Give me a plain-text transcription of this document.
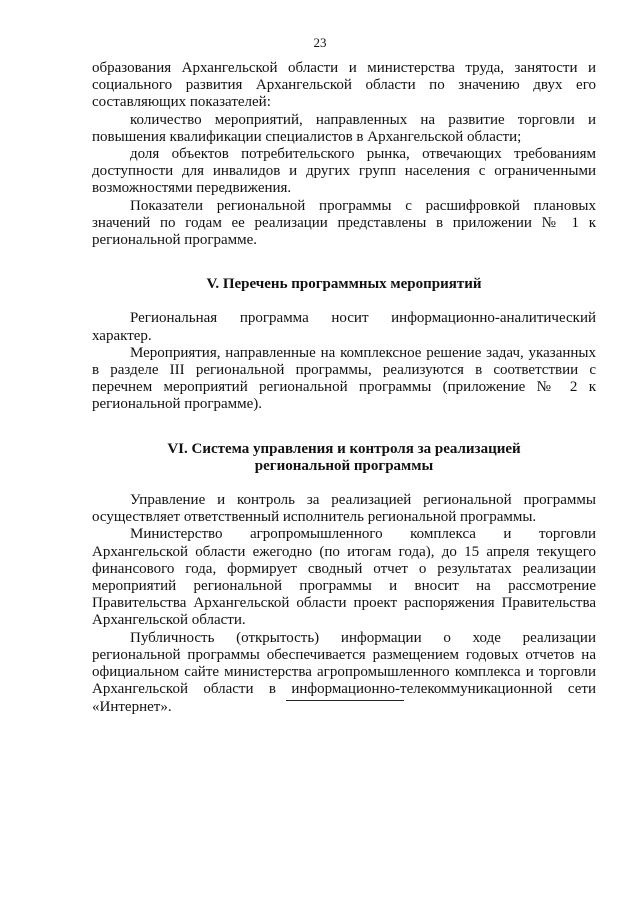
23

образования Архангельской области и министерства труда, занятости и социального развития Архангельской области по значению двух его составляющих показателей:

количество мероприятий, направленных на развитие торговли и повышения квалификации специалистов в Архангельской области;

доля объектов потребительского рынка, отвечающих требованиям доступности для инвалидов и других групп населения с ограниченными возможностями передвижения.

Показатели региональной программы с расшифровкой плановых значений по годам ее реализации представлены в приложении № 1 к региональной программе.

V. Перечень программных мероприятий

Региональная программа носит информационно-аналитический характер.

Мероприятия, направленные на комплексное решение задач, указанных в разделе III региональной программы, реализуются в соответствии с перечнем мероприятий региональной программы (приложение № 2 к региональной программе).

VI. Система управления и контроля за реализацией
региональной программы

Управление и контроль за реализацией региональной программы осуществляет ответственный исполнитель региональной программы.

Министерство агропромышленного комплекса и торговли Архангельской области ежегодно (по итогам года), до 15 апреля текущего финансового года, формирует сводный отчет о результатах реализации мероприятий региональной программы и вносит на рассмотрение Правительства Архангельской области проект распоряжения Правительства Архангельской области.

Публичность (открытость) информации о ходе реализации региональной программы обеспечивается размещением годовых отчетов на официальном сайте министерства агропромышленного комплекса и торговли Архангельской области в информационно-телекоммуникационной сети «Интернет».
